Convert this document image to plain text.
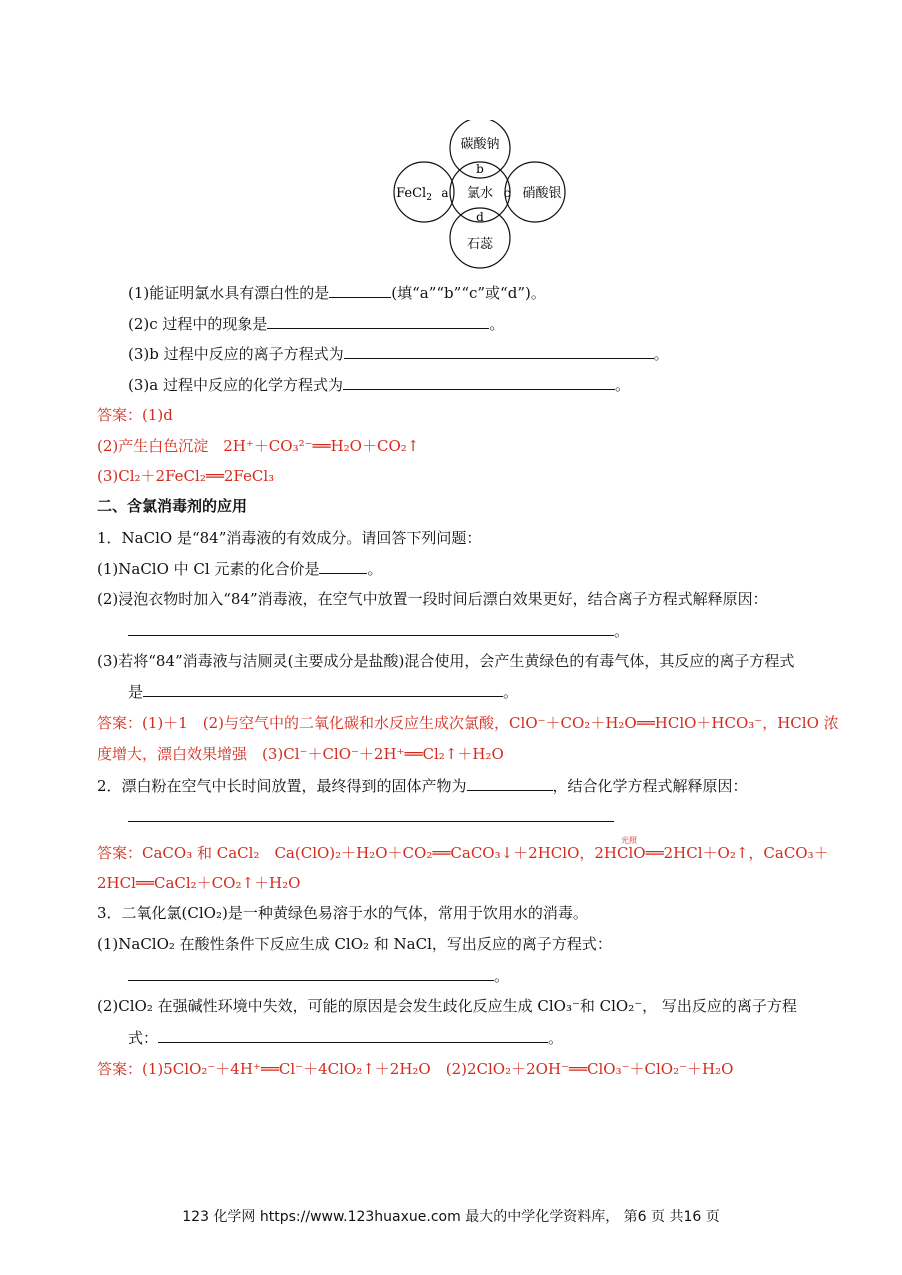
碳酸钠
FeCl$_2$	氯水 硝酸银
石蕊
a
b
c
d
(1)能证明氯水具有漂白性的是	(填“a”“b”“c”或“d”)。
(2)c 过程中的现象是	。
(3)b 过程中反应的离子方程式为	。
(3)a 过程中反应的化学方程式为	。
答案：(1)d
(2)产生白色沉淀　2H⁺＋CO₃²⁻══H₂O＋CO₂↑
(3)Cl₂＋2FeCl₂══2FeCl₃
二、含氯消毒剂的应用
1．NaClO 是“84”消毒液的有效成分。请回答下列问题：
(1)NaClO 中 Cl 元素的化合价是	。
(2)浸泡衣物时加入“84”消毒液，在空气中放置一段时间后漂白效果更好，结合离子方程式解释原因：
。
(3)若将“84”消毒液与洁厕灵(主要成分是盐酸)混合使用，会产生黄绿色的有毒气体，其反应的离子方程式
是	。
答案：(1)＋1　(2)与空气中的二氧化碳和水反应生成次氯酸，ClO⁻＋CO₂＋H₂O══HClO＋HCO₃⁻，HClO 浓
度增大，漂白效果增强　(3)Cl⁻＋ClO⁻＋2H⁺══Cl₂↑＋H₂O
2．漂白粉在空气中长时间放置，最终得到的固体产物为	，结合化学方程式解释原因：
答案：CaCO₃ 和 CaCl₂　Ca(ClO)₂＋H₂O＋CO₂══CaCO₃↓＋2HClO，2HClO══2HCl＋O₂↑，CaCO₃＋
光照
2HCl══CaCl₂＋CO₂↑＋H₂O
3．二氧化氯(ClO₂)是一种黄绿色易溶于水的气体，常用于饮用水的消毒。
(1)NaClO₂ 在酸性条件下反应生成 ClO₂ 和 NaCl，写出反应的离子方程式：
。
(2)ClO₂ 在强碱性环境中失效，可能的原因是会发生歧化反应生成 ClO₃⁻和 ClO₂⁻， 写出反应的离子方程
式：	。
答案：(1)5ClO₂⁻＋4H⁺══Cl⁻＋4ClO₂↑＋2H₂O　(2)2ClO₂＋2OH⁻══ClO₃⁻＋ClO₂⁻＋H₂O
123 化学网 https://www.123huaxue.com 最大的中学化学资料库， 第6 页 共16 页
